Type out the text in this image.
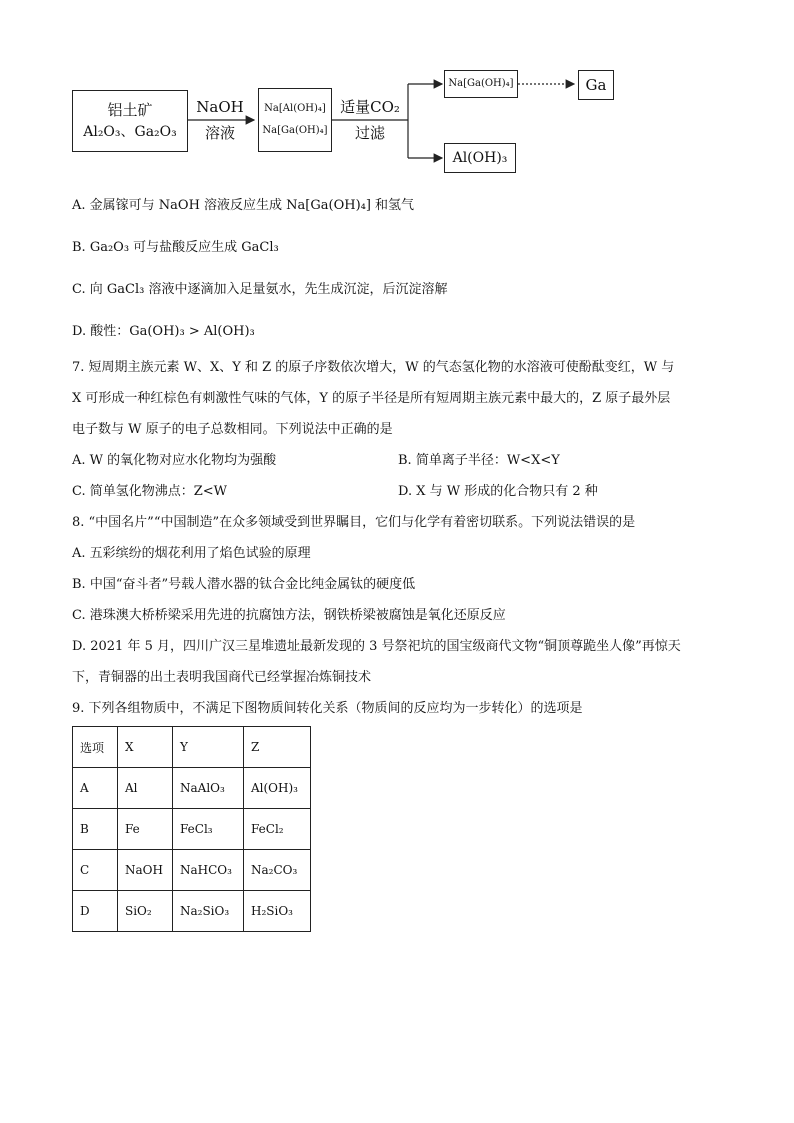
铝土矿
Al₂O₃、Ga₂O₃
NaOH
溶液
Na[Al(OH)₄]
Na[Ga(OH)₄]
适量CO₂
过滤
Na[Ga(OH)₄]	Ga
Al(OH)₃
A. 金属镓可与 NaOH 溶液反应生成 Na[Ga(OH)₄] 和氢气
B. Ga₂O₃ 可与盐酸反应生成 GaCl₃
C. 向 GaCl₃ 溶液中逐滴加入足量氨水，先生成沉淀，后沉淀溶解
D. 酸性：Ga(OH)₃ > Al(OH)₃
7. 短周期主族元素 W、X、Y 和 Z 的原子序数依次增大，W 的气态氢化物的水溶液可使酚酞变红，W 与
X 可形成一种红棕色有刺激性气味的气体，Y 的原子半径是所有短周期主族元素中最大的，Z 原子最外层
电子数与 W 原子的电子总数相同。下列说法中正确的是
A. W 的氧化物对应水化物均为强酸	B. 简单离子半径：W<X<Y
C. 简单氢化物沸点：Z<W	D. X 与 W 形成的化合物只有 2 种
8. “中国名片”“中国制造”在众多领域受到世界瞩目，它们与化学有着密切联系。下列说法错误的是
A. 五彩缤纷的烟花利用了焰色试验的原理
B. 中国“奋斗者”号载人潜水器的钛合金比纯金属钛的硬度低
C. 港珠澳大桥桥梁采用先进的抗腐蚀方法，钢铁桥梁被腐蚀是氧化还原反应
D. 2021 年 5 月，四川广汉三星堆遗址最新发现的 3 号祭祀坑的国宝级商代文物“铜顶尊跪坐人像”再惊天
下，青铜器的出土表明我国商代已经掌握冶炼铜技术
9. 下列各组物质中，不满足下图物质间转化关系（物质间的反应均为一步转化）的选项是
选项	X	Y	Z
A	Al	NaAlO₃	Al(OH)₃
B	Fe	FeCl₃	FeCl₂
C	NaOH	NaHCO₃	Na₂CO₃
D	SiO₂	Na₂SiO₃	H₂SiO₃
